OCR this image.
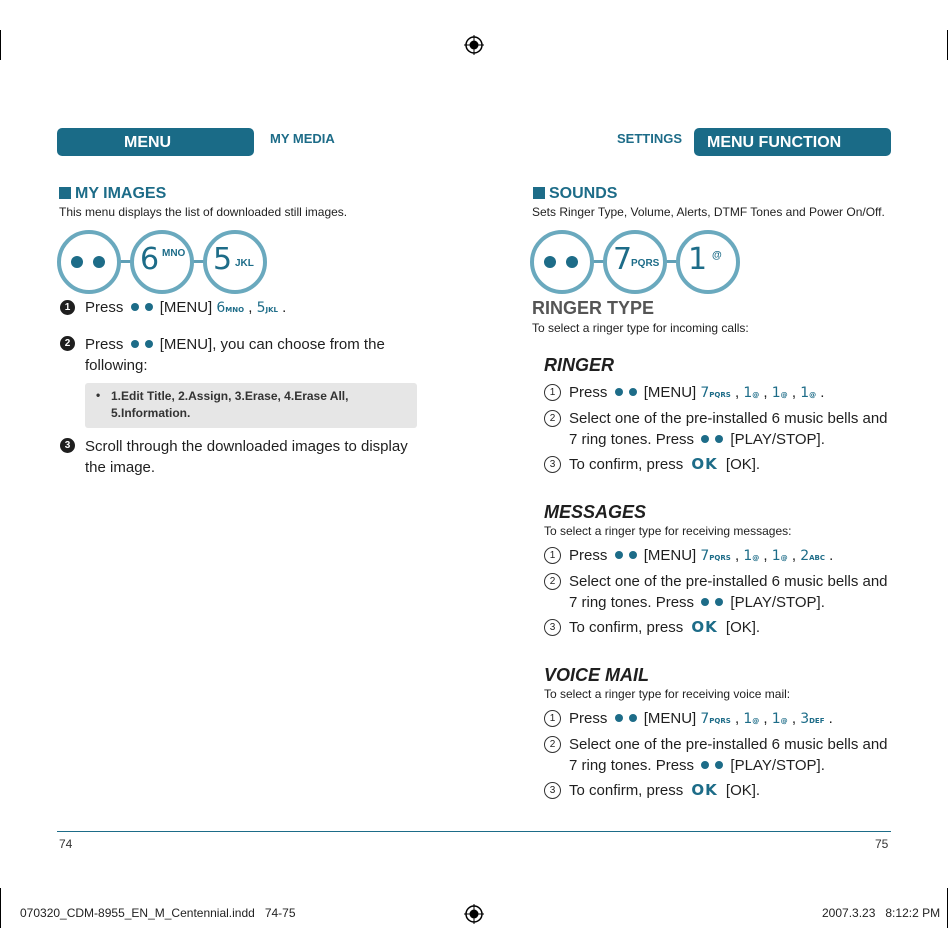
MENU FUNCTION
MY MEDIA
MY IMAGES
This menu displays the list of downloaded still images.
6 MNO 5 JKL
1 Press [MENU] 6MNO , 5JKL .
2 Press [MENU], you can choose from the
following:
• 1.Edit Title, 2.Assign, 3.Erase, 4.Erase All,
5.Information.
3 Scroll through the downloaded images to display
the image.
SETTINGS MENU FUNCTION
SOUNDS
Sets Ringer Type, Volume, Alerts, DTMF Tones and Power On/Off.
7 PQRS 1 @
RINGER TYPE
To select a ringer type for incoming calls:
RINGER
1 Press [MENU] 7PQRS , 1@ , 1@ , 1@ .
2 Select one of the pre-installed 6 music bells and
7 ring tones. Press [PLAY/STOP].
3 To confirm, press OK [OK].
MESSAGES
To select a ringer type for receiving messages:
1 Press [MENU] 7PQRS , 1@ , 1@ , 2ABC .
2 Select one of the pre-installed 6 music bells and
7 ring tones. Press [PLAY/STOP].
3 To confirm, press OK [OK].
VOICE MAIL
To select a ringer type for receiving voice mail:
1 Press [MENU] 7PQRS , 1@ , 1@ , 3DEF .
2 Select one of the pre-installed 6 music bells and
7 ring tones. Press [PLAY/STOP].
3 To confirm, press OK [OK].
74	75
070320_CDM-8955_EN_M_Centennial.indd   74-75	2007.3.23   8:12:2 PM
